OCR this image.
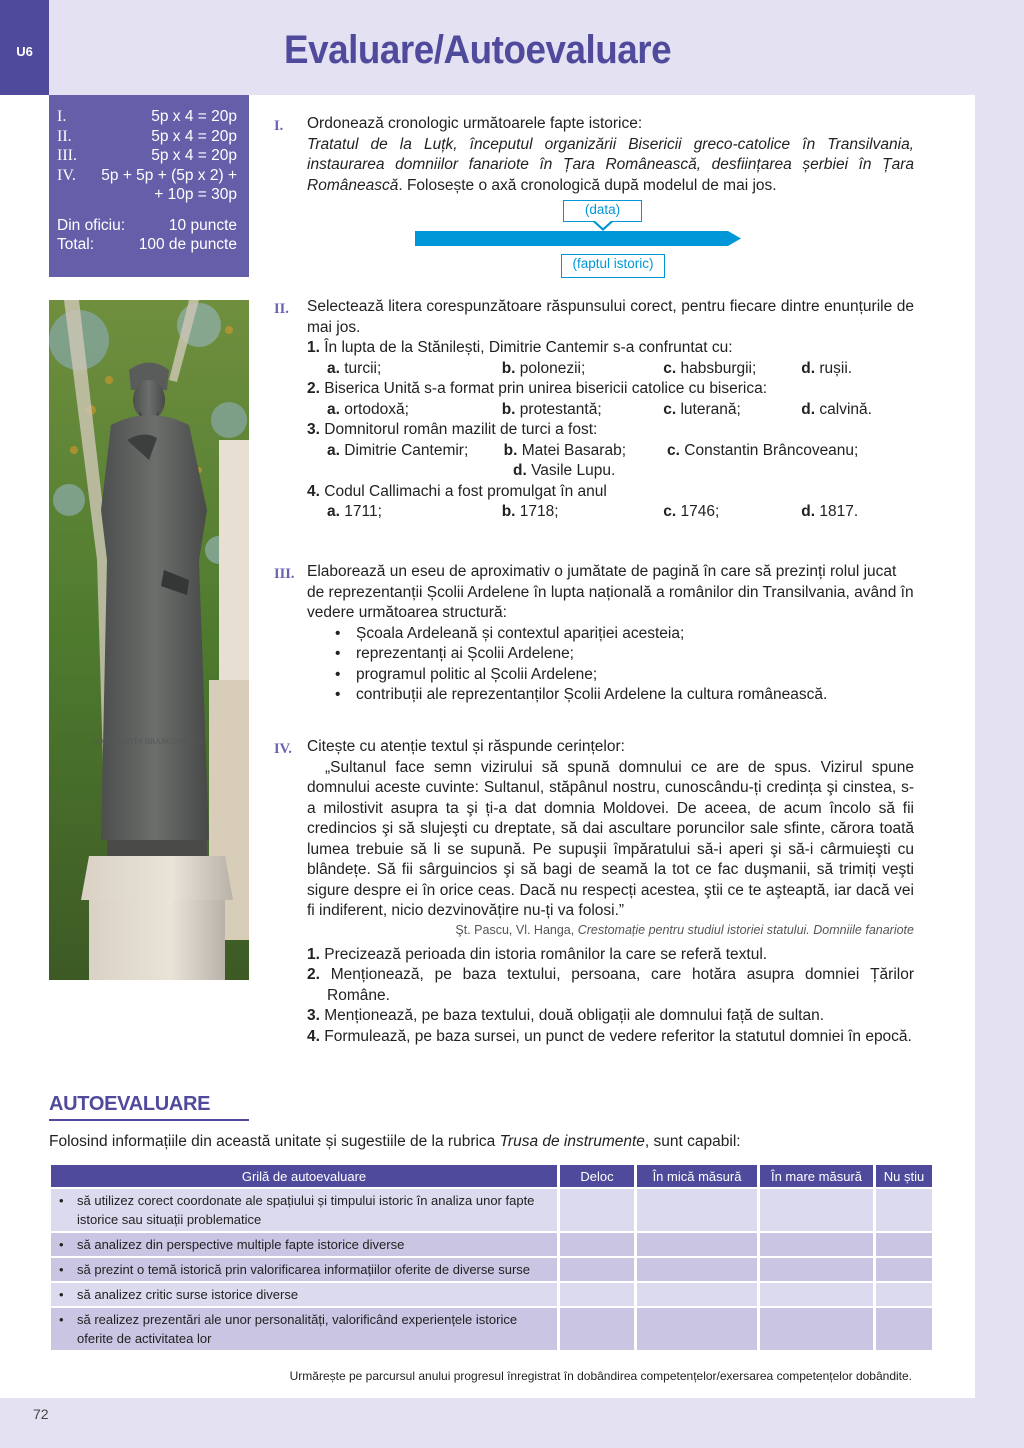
U6	Evaluare/Autoevaluare
I.	5p x 4 = 20p
II.	5p x 4 = 20p
III.	5p x 4 = 20p
IV. 5p + 5p + (5p x 2) +
+ 10p = 30p
Din oficiu:	10 puncte
Total:	100 de puncte
CONSTANTIN BRANCOVEANU
I. Ordonează cronologic următoarele fapte istorice:
Tratatul de la Luțk, începutul organizării Bisericii greco-catolice în Transilvania, instaurarea domniilor fanariote în Țara Românească, desființarea șerbiei în Țara Românească. Folosește o axă cronologică după modelul de mai jos.
(data)
(faptul istoric)
II. Selectează litera corespunzătoare răspunsului corect, pentru fiecare dintre enunțurile de mai jos.
1. În lupta de la Stănilești, Dimitrie Cantemir s-a confruntat cu:
a. turcii;	b. polonezii;	c. habsburgii;	d. rușii.
2. Biserica Unită s-a format prin unirea bisericii catolice cu biserica:
a. ortodoxă;	b. protestantă;	c. luterană;	d. calvină.
3. Domnitorul român mazilit de turci a fost:
a. Dimitrie Cantemir;	b. Matei Basarab;	c. Constantin Brâncoveanu;
d. Vasile Lupu.
4. Codul Callimachi a fost promulgat în anul
a. 1711;	b. 1718;	c. 1746;	d. 1817.
III. Elaborează un eseu de aproximativ o jumătate de pagină în care să prezinți rolul jucat de reprezentanții Școlii Ardelene în lupta națională a românilor din Transilvania, având în vedere următoarea structură:
• Școala Ardeleană și contextul apariției acesteia;
• reprezentanți ai Școlii Ardelene;
• programul politic al Școlii Ardelene;
• contribuții ale reprezentanților Școlii Ardelene la cultura românească.
IV. Citește cu atenție textul și răspunde cerințelor:
„Sultanul face semn vizirului să spună domnului ce are de spus. Vizirul spune domnului aceste cuvinte: Sultanul, stăpânul nostru, cunoscându-ți credința şi cinstea, s-a milostivit asupra ta şi ți-a dat domnia Moldovei. De aceea, de acum încolo să fii credincios şi să slujeşti cu dreptate, să dai ascultare poruncilor sale sfinte, cărora toată lumea trebuie să li se supună. Pe supuşii împăratului să-i aperi şi să-i cârmuieşti cu blândețe. Să fii sârguincios şi să bagi de seamă la tot ce fac duşmanii, să trimiți veşti sigure despre ei în orice ceas. Dacă nu respecți acestea, ştii ce te aşteaptă, iar dacă vei fi indiferent, nicio dezvinovățire nu-ți va folosi.”
Şt. Pascu, Vl. Hanga, Crestomație pentru studiul istoriei statului. Domniile fanariote
1. Precizează perioada din istoria românilor la care se referă textul.
2. Menționează, pe baza textului, persoana, care hotăra asupra domniei Țărilor Române.
3. Menționează, pe baza textului, două obligații ale domnului față de sultan.
4. Formulează, pe baza sursei, un punct de vedere referitor la statutul domniei în epocă.
AUTOEVALUARE
Folosind informațiile din această unitate și sugestiile de la rubrica Trusa de instrumente, sunt capabil:
Grilă de autoevaluare	Deloc	În mică măsură	În mare măsură	Nu știu
• să utilizez corect coordonate ale spațiului și timpului istoric în analiza unor fapte istorice sau situații problematice				
• să analizez din perspective multiple fapte istorice diverse				
• să prezint o temă istorică prin valorificarea informațiilor oferite de diverse surse				
• să analizez critic surse istorice diverse				
• să realizez prezentări ale unor personalități, valorificând experiențele istorice oferite de activitatea lor				
Urmărește pe parcursul anului progresul înregistrat în dobândirea competențelor/exersarea competențelor dobândite.
72
